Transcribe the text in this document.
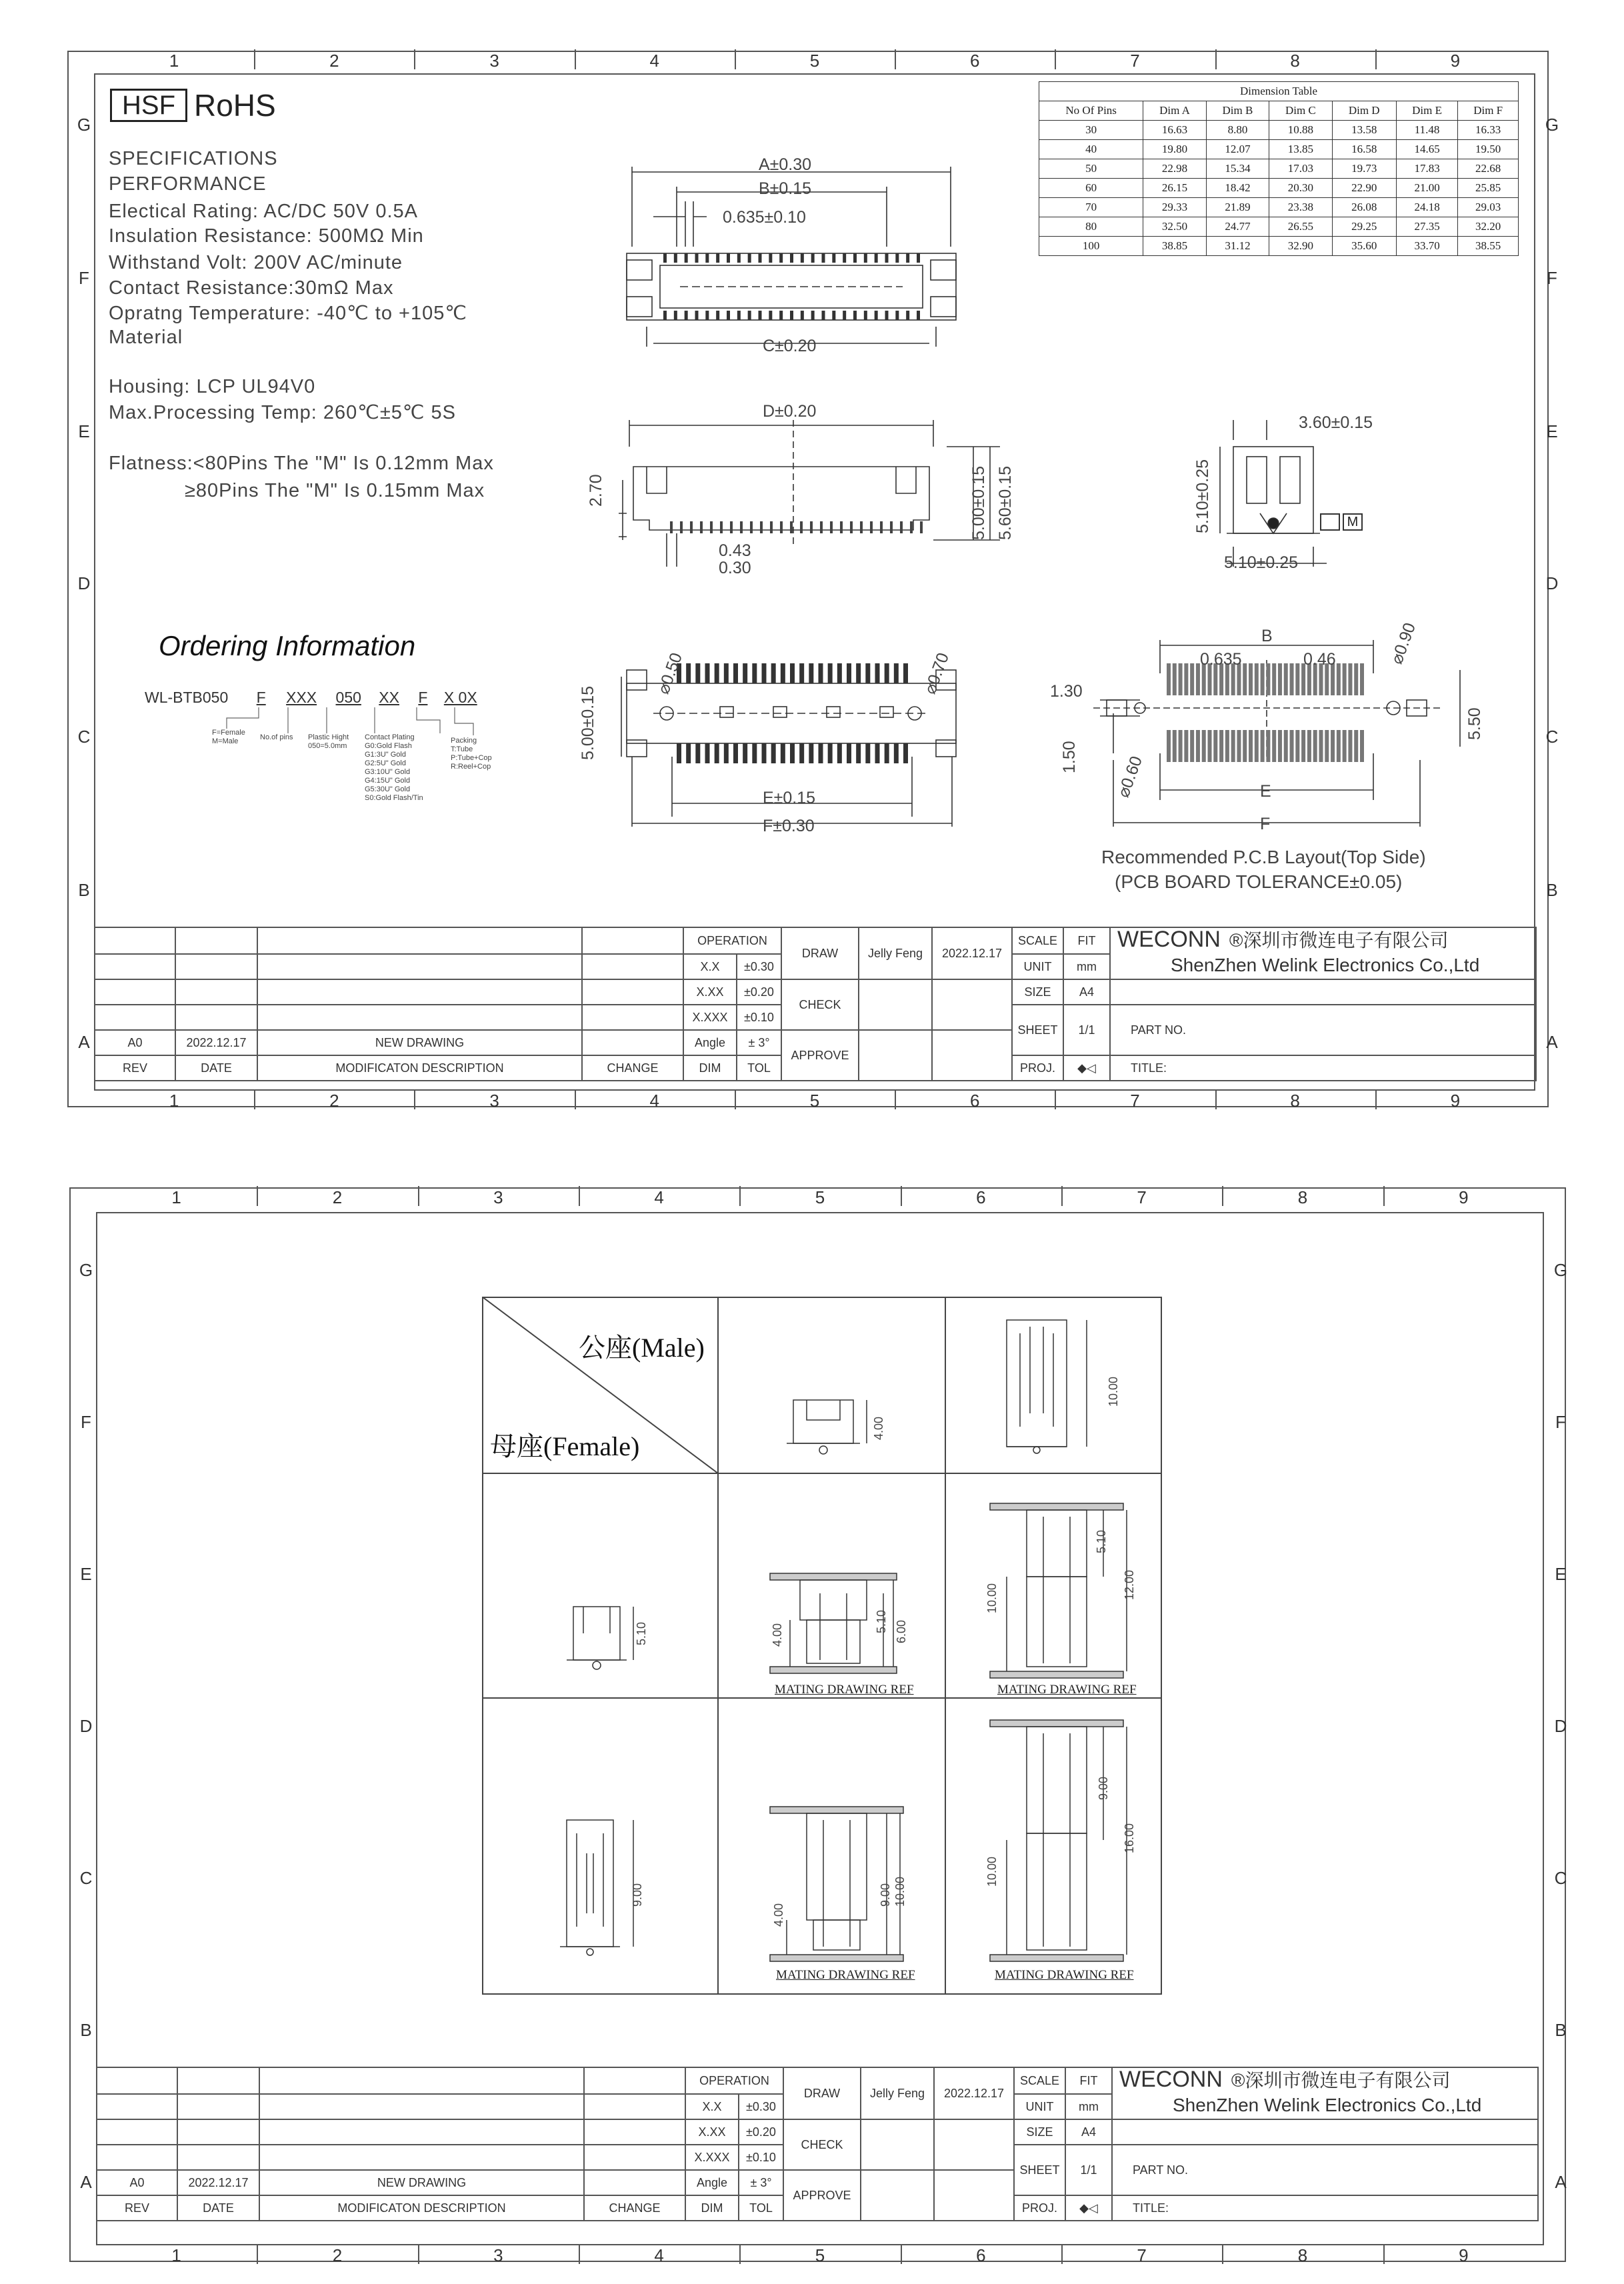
1
1
2
2
3
3
4
4
5
5
6
6
7
7
8
8
9
9
G	G
F	F
E	E
D	D
C	C
B	B
A	A
HSF RoHS
SPECIFICATIONS
PERFORMANCE
Electical Rating: AC/DC 50V 0.5A
Insulation Resistance: 500MΩ Min
Withstand Volt: 200V AC/minute
Contact Resistance:30mΩ Max
Opratng Temperature: -40℃ to +105℃
Material
Housing: LCP UL94V0
Max.Processing Temp: 260℃±5℃ 5S
Flatness:<80Pins The "M" Is 0.12mm Max
≥80Pins The "M" Is 0.15mm Max
Ordering Information
WL-BTB050 F XXX 050 XX F X 0X
F=Female
M=Male	No.of pins Plastic Hight
050=5.0mm
Contact Plating
G0:Gold Flash
G1:3U" Gold
G2:5U" Gold
G3:10U" Gold
G4:15U" Gold
G5:30U" Gold
S0:Gold Flash/Tin
Packing
T:Tube
P:Tube+Cop
R:Reel+Cop
Dimension Table						
No Of Pins	Dim A	Dim B	Dim C	Dim D	Dim E	Dim F
30	16.63	8.80	10.88	13.58	11.48	16.33
40	19.80	12.07	13.85	16.58	14.65	19.50
50	22.98	15.34	17.03	19.73	17.83	22.68
60	26.15	18.42	20.30	22.90	21.00	25.85
70	29.33	21.89	23.38	26.08	24.18	29.03
80	32.50	24.77	26.55	29.25	27.35	32.20
100	38.85	31.12	32.90	35.60	33.70	38.55
A±0.30
B±0.15
0.635±0.10
C±0.20
D±0.20
2.70
0.43
0.30
5.00±0.15 5.60±0.15
3.60±0.15
5.10±0.25
5.10±0.25
M
⌀0.50	⌀0.70
5.00±0.15
E±0.15
F±0.30
B
0.635	0.46	⌀0.90
1.30
1.50 ⌀0.60
5.50
E
F
Recommended P.C.B Layout(Top Side)
(PCB BOARD TOLERANCE±0.05)
				OPERATION		DRAW	Jelly Feng	2022.12.17	SCALE	FIT	WECONN ®深圳市微连电子有限公司
ShenZhen Welink Electronics Co.,Ltd
				X.X	±0.30				UNIT	mm	
				X.XX	±0.20	CHECK			SIZE	A4	
				X.XXX	±0.10				SHEET	1/1	PART NO.
A0	2022.12.17	NEW DRAWING		Angle	± 3°	APPROVE					
REV	DATE	MODIFICATON DESCRIPTION	CHANGE	DIM	TOL				PROJ.	◆◁	TITLE:
1
1
2
2
3
3
4
4
5
5
6
6
7
7
8
8
9
9
G	G
F	F
E	E
D	D
C	C
B	B
A	A
公座(Male)
母座(Female)
4.00
10.00
5.10
9.00
4.00
5.10 6.00
MATING DRAWING REF
10.00
5.10
12.00
MATING DRAWING REF
4.00
9.00 10.00
MATING DRAWING REF
10.00
9.00
16.00
MATING DRAWING REF
				OPERATION		DRAW	Jelly Feng	2022.12.17	SCALE	FIT	WECONN ®深圳市微连电子有限公司
ShenZhen Welink Electronics Co.,Ltd
				X.X	±0.30				UNIT	mm	
				X.XX	±0.20	CHECK			SIZE	A4	
				X.XXX	±0.10				SHEET	1/1	PART NO.
A0	2022.12.17	NEW DRAWING		Angle	± 3°	APPROVE					
REV	DATE	MODIFICATON DESCRIPTION	CHANGE	DIM	TOL				PROJ.	◆◁	TITLE:
